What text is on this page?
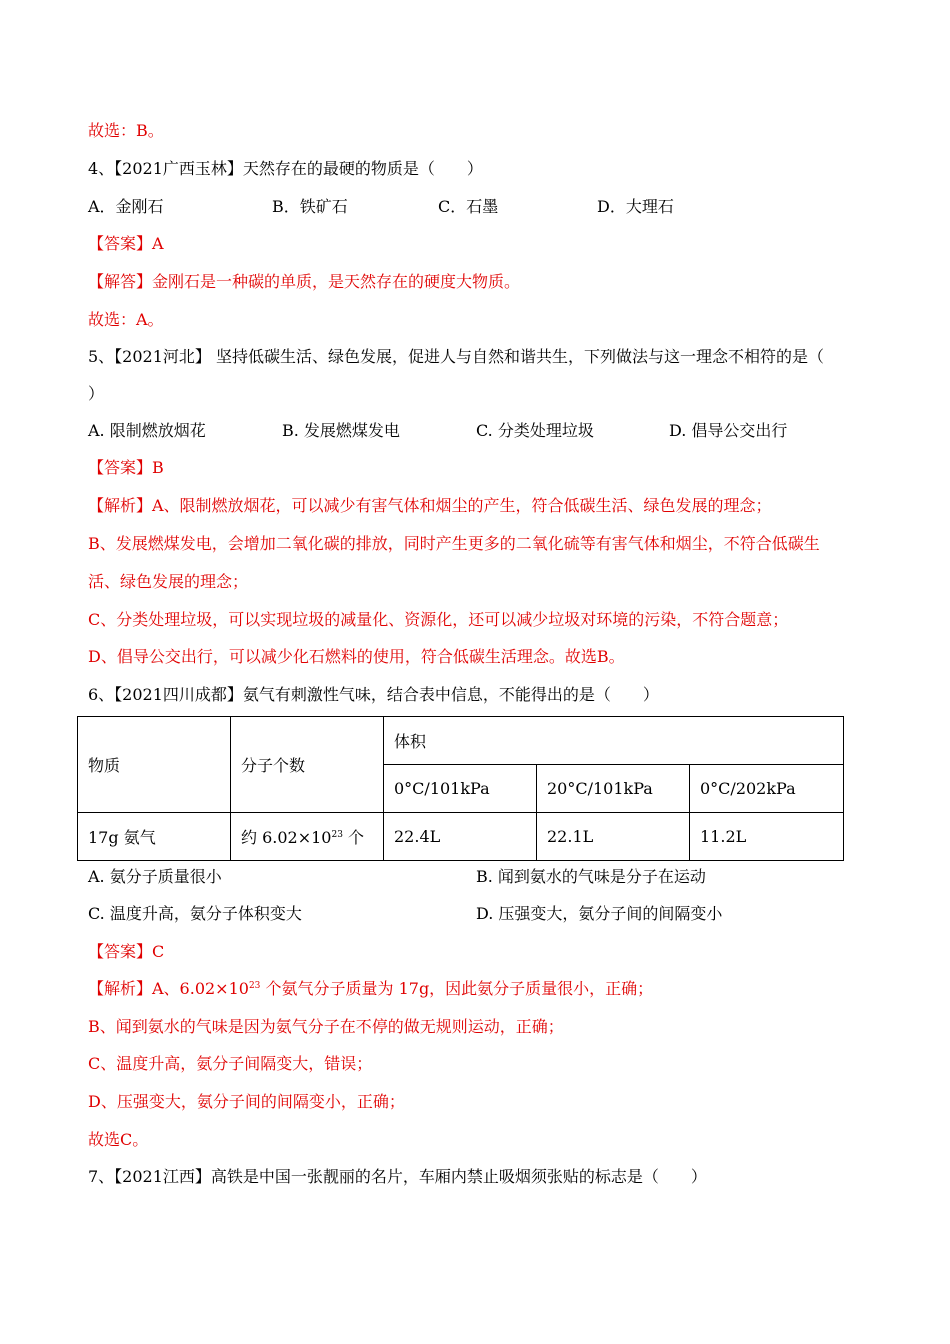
故选：B。
4、【2021广西玉林】天然存在的最硬的物质是（　　）
A．金刚石	B．铁矿石	C．石墨	D．大理石
【答案】A
【解答】金刚石是一种碳的单质，是天然存在的硬度大物质。
故选：A。
5、【2021河北】 坚持低碳生活、绿色发展，促进人与自然和谐共生，下列做法与这一理念不相符的是（
）
A. 限制燃放烟花	B. 发展燃煤发电	C. 分类处理垃圾	D. 倡导公交出行
【答案】B
【解析】A、限制燃放烟花，可以减少有害气体和烟尘的产生，符合低碳生活、绿色发展的理念；
B、发展燃煤发电，会增加二氧化碳的排放，同时产生更多的二氧化硫等有害气体和烟尘，不符合低碳生
活、绿色发展的理念；
C、分类处理垃圾，可以实现垃圾的减量化、资源化，还可以减少垃圾对环境的污染，不符合题意；
D、倡导公交出行，可以减少化石燃料的使用，符合低碳生活理念。故选B。
6、【2021四川成都】氨气有刺激性气味，结合表中信息，不能得出的是（　　）
物质	分子个数	体积		
		0°C/101kPa	20°C/101kPa	0°C/202kPa
17g 氨气	约 $6.02\times 10^{23}$ 个	22.4L	22.1L	11.2L
A. 氨分子质量很小	B. 闻到氨水的气味是分子在运动
C. 温度升高，氨分子体积变大	D. 压强变大，氨分子间的间隔变小
【答案】C
【解析】A、$6.02\times 10^{23}$ 个氨气分子质量为 17g，因此氨分子质量很小，正确；
B、闻到氨水的气味是因为氨气分子在不停的做无规则运动，正确；
C、温度升高，氨分子间隔变大，错误；
D、压强变大，氨分子间的间隔变小，正确；
故选C。
7、【2021江西】高铁是中国一张靓丽的名片，车厢内禁止吸烟须张贴的标志是（　　）
